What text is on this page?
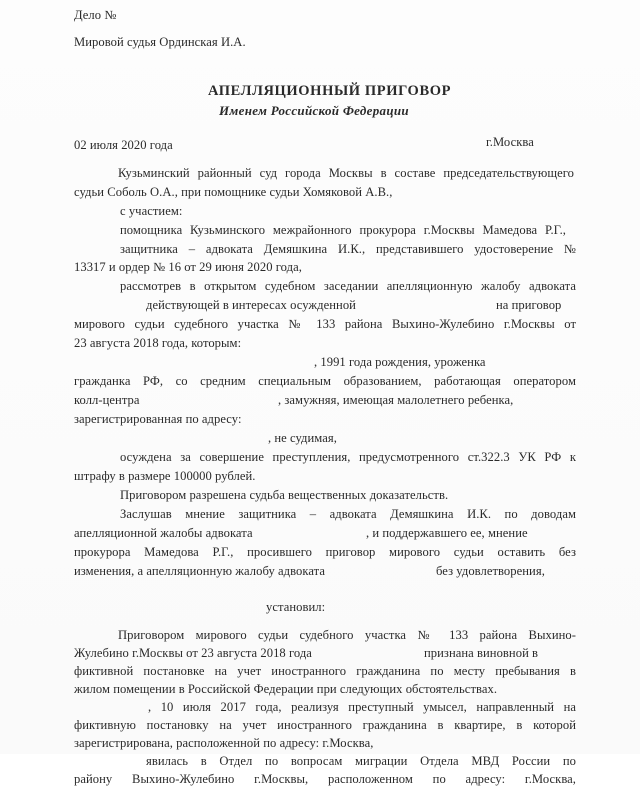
Дело №
Мировой судья Ординская И.А.
АПЕЛЛЯЦИОННЫЙ ПРИГОВОР
Именем Российской Федерации
02 июля 2020 года	г.Москва
Кузьминский районный суд города Москвы в составе председательствующего
судьи Соболь О.А., при помощнике судьи Хомяковой А.В.,
с участием:
помощника Кузьминского межрайонного прокурора г.Москвы Мамедова Р.Г.,
защитника – адвоката Демяшкина И.К., представившего удостоверение №
13317 и ордер № 16 от 29 июня 2020 года,
рассмотрев в открытом судебном заседании апелляционную жалобу адвоката
действующей в интересах осужденной	на приговор
мирового судьи судебного участка № 133 района Выхино-Жулебино г.Москвы от
23 августа 2018 года, которым:
, 1991 года рождения, уроженка
гражданка РФ, со средним специальным образованием, работающая оператором
колл-центра	, замужняя, имеющая малолетнего ребенка,
зарегистрированная по адресу:
, не судимая,
осуждена за совершение преступления, предусмотренного ст.322.3 УК РФ к
штрафу в размере 100000 рублей.
Приговором разрешена судьба вещественных доказательств.
Заслушав мнение защитника – адвоката Демяшкина И.К. по доводам
апелляционной жалобы адвоката	, и поддержавшего ее, мнение
прокурора Мамедова Р.Г., просившего приговор мирового судьи оставить без
изменения, а апелляционную жалобу адвоката	без удовлетворения,
установил:
Приговором мирового судьи судебного участка № 133 района Выхино-
Жулебино г.Москвы от 23 августа 2018 года	признана виновной в
фиктивной постановке на учет иностранного гражданина по месту пребывания в
жилом помещении в Российской Федерации при следующих обстоятельствах.
, 10 июля 2017 года, реализуя преступный умысел, направленный на
фиктивную постановку на учет иностранного гражданина в квартире, в которой
зарегистрирована, расположенной по адресу: г.Москва,
явилась в Отдел по вопросам миграции Отдела МВД России по
району Выхино-Жулебино г.Москвы, расположенном по адресу: г.Москва,
